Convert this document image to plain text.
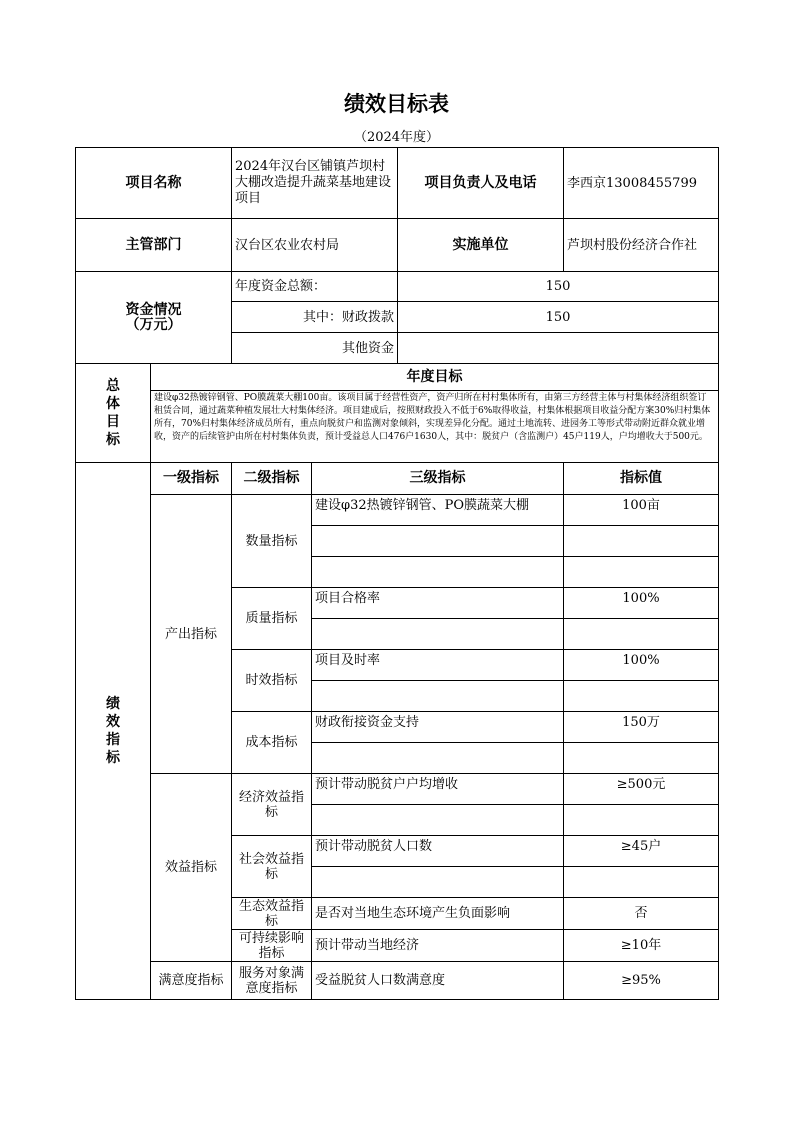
绩效目标表
（2024年度）
项目名称		2024年汉台区铺镇芦坝村大棚改造提升蔬菜基地建设项目		项目负责人及电话	李西京13008455799
主管部门		汉台区农业农村局		实施单位	芦坝村股份经济合作社
资金情况
（万元）		年度资金总额：		150	
		其中：财政拨款		150	
		其他资金			

总
体
目
标	年度目标				
	建设φ32热镀锌钢管、PO膜蔬菜大棚100亩。该项目属于经营性资产，资产归所在村村集体所有，由第三方经营主体与村集体经济组织签订租赁合同，通过蔬菜种植发展壮大村集体经济。项目建成后，按照财政投入不低于6%取得收益，村集体根据项目收益分配方案30%归村集体所有，70%归村集体经济成员所有，重点向脱贫户和监测对象倾斜，实现差异化分配。通过土地流转、进园务工等形式带动附近群众就业增收，资产的后续管护由所在村村集体负责，预计受益总人口476户1630人，其中：脱贫户（含监测户）45户119人，户均增收大于500元。				

绩
效
指
标	一级指标	二级指标	三级指标		指标值
	产出指标	数量指标	建设φ32热镀锌钢管、PO膜蔬菜大棚		100亩

		质量指标	项目合格率		100%

		时效指标	项目及时率		100%

		成本指标	财政衔接资金支持		150万

	效益指标	经济效益指标	预计带动脱贫户户均增收		≥500元

		社会效益指标	预计带动脱贫人口数		≥45户

		生态效益指标	是否对当地生态环境产生负面影响		否
		可持续影响指标	预计带动当地经济		≥10年
	满意度指标	服务对象满意度指标	受益脱贫人口数满意度		≥95%
